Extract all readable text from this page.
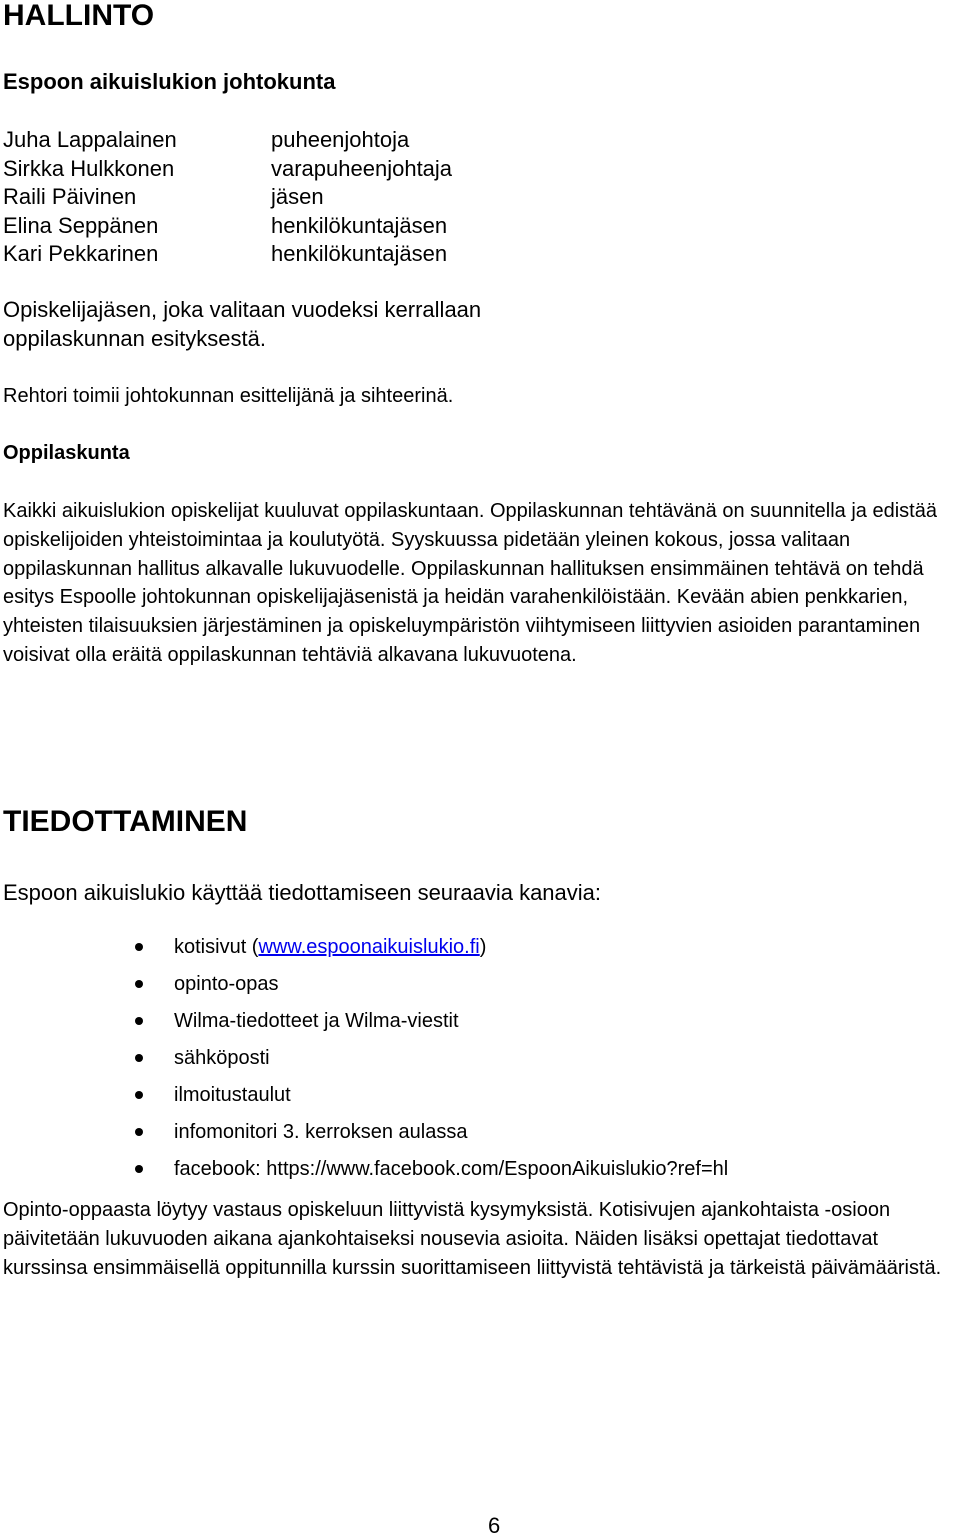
HALLINTO
Espoon aikuislukion johtokunta
Juha Lappalainen	puheenjohtoja
Sirkka Hulkkonen	varapuheenjohtaja
Raili Päivinen	jäsen
Elina Seppänen	henkilökuntajäsen
Kari Pekkarinen	henkilökuntajäsen
Opiskelijajäsen, joka valitaan vuodeksi kerrallaan
oppilaskunnan esityksestä.
Rehtori toimii johtokunnan esittelijänä ja sihteerinä.
Oppilaskunta
Kaikki aikuislukion opiskelijat kuuluvat oppilaskuntaan. Oppilaskunnan tehtävänä on suunnitella ja edistää opiskelijoiden yhteistoimintaa ja koulutyötä. Syyskuussa pidetään yleinen kokous, jossa valitaan oppilaskunnan hallitus alkavalle lukuvuodelle. Oppilaskunnan hallituksen ensimmäinen tehtävä on tehdä esitys Espoolle johtokunnan opiskelijajäsenistä ja heidän varahenkilöistään. Kevään abien penkkarien, yhteisten tilaisuuksien järjestäminen ja opiskeluympäristön viihtymiseen liittyvien asioiden parantaminen voisivat olla eräitä oppilaskunnan tehtäviä alkavana lukuvuotena.
TIEDOTTAMINEN
Espoon aikuislukio käyttää tiedottamiseen seuraavia kanavia:
kotisivut (www.espoonaikuislukio.fi)
opinto-opas
Wilma-tiedotteet ja Wilma-viestit
sähköposti
ilmoitustaulut
infomonitori 3. kerroksen aulassa
facebook: https://www.facebook.com/EspoonAikuislukio?ref=hl
Opinto-oppaasta löytyy vastaus opiskeluun liittyvistä kysymyksistä. Kotisivujen ajankohtaista -osioon päivitetään lukuvuoden aikana ajankohtaiseksi nousevia asioita. Näiden lisäksi opettajat tiedottavat kurssinsa ensimmäisellä oppitunnilla kurssin suorittamiseen liittyvistä tehtävistä ja tärkeistä päivämääristä.
6
